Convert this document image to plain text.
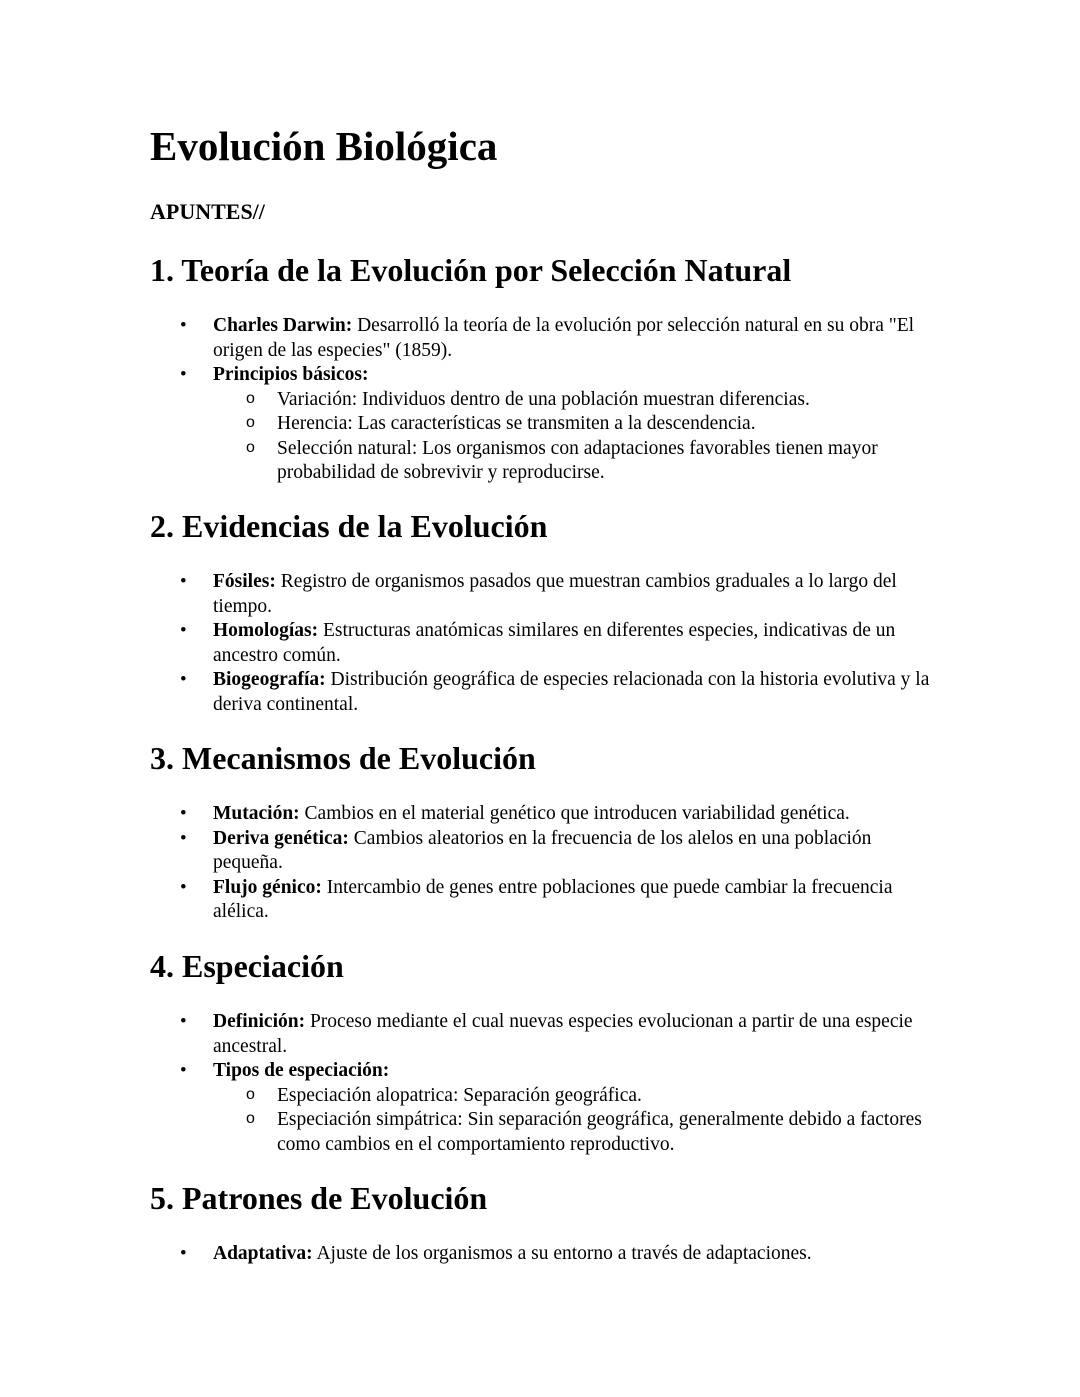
Evolución Biológica

APUNTES//

1. Teoría de la Evolución por Selección Natural
• Charles Darwin: Desarrolló la teoría de la evolución por selección natural en su obra "El origen de las especies" (1859).
• Principios básicos:
o Variación: Individuos dentro de una población muestran diferencias.
o Herencia: Las características se transmiten a la descendencia.
o Selección natural: Los organismos con adaptaciones favorables tienen mayor probabilidad de sobrevivir y reproducirse.
2. Evidencias de la Evolución
• Fósiles: Registro de organismos pasados que muestran cambios graduales a lo largo del tiempo.
• Homologías: Estructuras anatómicas similares en diferentes especies, indicativas de un ancestro común.
• Biogeografía: Distribución geográfica de especies relacionada con la historia evolutiva y la deriva continental.
3. Mecanismos de Evolución
• Mutación: Cambios en el material genético que introducen variabilidad genética.
• Deriva genética: Cambios aleatorios en la frecuencia de los alelos en una población pequeña.
• Flujo génico: Intercambio de genes entre poblaciones que puede cambiar la frecuencia alélica.
4. Especiación
• Definición: Proceso mediante el cual nuevas especies evolucionan a partir de una especie ancestral.
• Tipos de especiación:
o Especiación alopatrica: Separación geográfica.
o Especiación simpátrica: Sin separación geográfica, generalmente debido a factores como cambios en el comportamiento reproductivo.
5. Patrones de Evolución
• Adaptativa: Ajuste de los organismos a su entorno a través de adaptaciones.
